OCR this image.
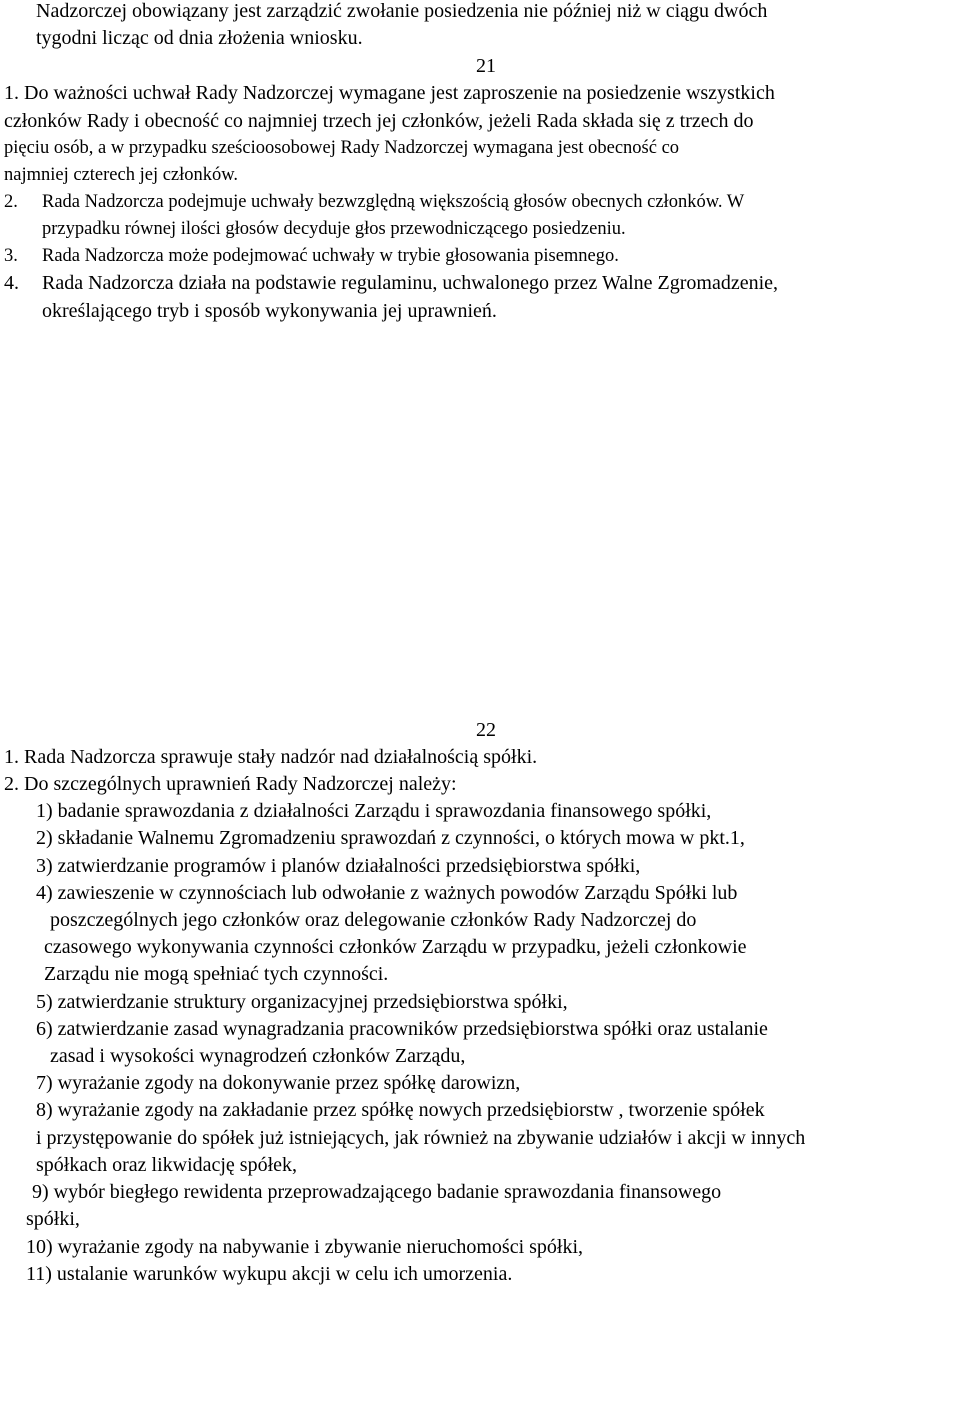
Nadzorczej obowiązany jest zarządzić zwołanie posiedzenia nie później niż w ciągu dwóch
tygodni licząc od dnia złożenia wniosku.
21
1. Do ważności uchwał Rady Nadzorczej wymagane jest zaproszenie na posiedzenie wszystkich
członków Rady i obecność co najmniej trzech jej członków, jeżeli Rada składa się z trzech do
pięciu osób, a w przypadku sześcioosobowej Rady Nadzorczej wymagana jest obecność co
najmniej czterech jej członków.
2. Rada Nadzorcza podejmuje uchwały bezwzględną większością głosów obecnych członków. W
przypadku równej ilości głosów decyduje głos przewodniczącego posiedzeniu.
3. Rada Nadzorcza może podejmować uchwały w trybie głosowania pisemnego.
4. Rada Nadzorcza działa na podstawie regulaminu, uchwalonego przez Walne Zgromadzenie,
określającego tryb i sposób wykonywania jej uprawnień.
22
1. Rada Nadzorcza sprawuje stały nadzór nad działalnością spółki.
2. Do szczególnych uprawnień Rady Nadzorczej należy:
1) badanie sprawozdania z działalności Zarządu i sprawozdania finansowego spółki,
2) składanie Walnemu Zgromadzeniu sprawozdań z czynności, o których mowa w pkt.1,
3) zatwierdzanie programów i planów działalności przedsiębiorstwa spółki,
4) zawieszenie w czynnościach lub odwołanie z ważnych powodów Zarządu Spółki lub
poszczególnych jego członków oraz delegowanie członków Rady Nadzorczej do
czasowego wykonywania czynności członków Zarządu w przypadku, jeżeli członkowie
Zarządu nie mogą spełniać tych czynności.
5) zatwierdzanie struktury organizacyjnej przedsiębiorstwa spółki,
6) zatwierdzanie zasad wynagradzania pracowników przedsiębiorstwa spółki oraz ustalanie
zasad i wysokości wynagrodzeń członków Zarządu,
7) wyrażanie zgody na dokonywanie przez spółkę darowizn,
8) wyrażanie zgody na zakładanie przez spółkę nowych przedsiębiorstw , tworzenie spółek
i przystępowanie do spółek już istniejących, jak również na zbywanie udziałów i akcji w innych
spółkach oraz likwidację spółek,
9) wybór biegłego rewidenta przeprowadzającego badanie sprawozdania finansowego
spółki,
10) wyrażanie zgody na nabywanie i zbywanie nieruchomości spółki,
11) ustalanie warunków wykupu akcji w celu ich umorzenia.
